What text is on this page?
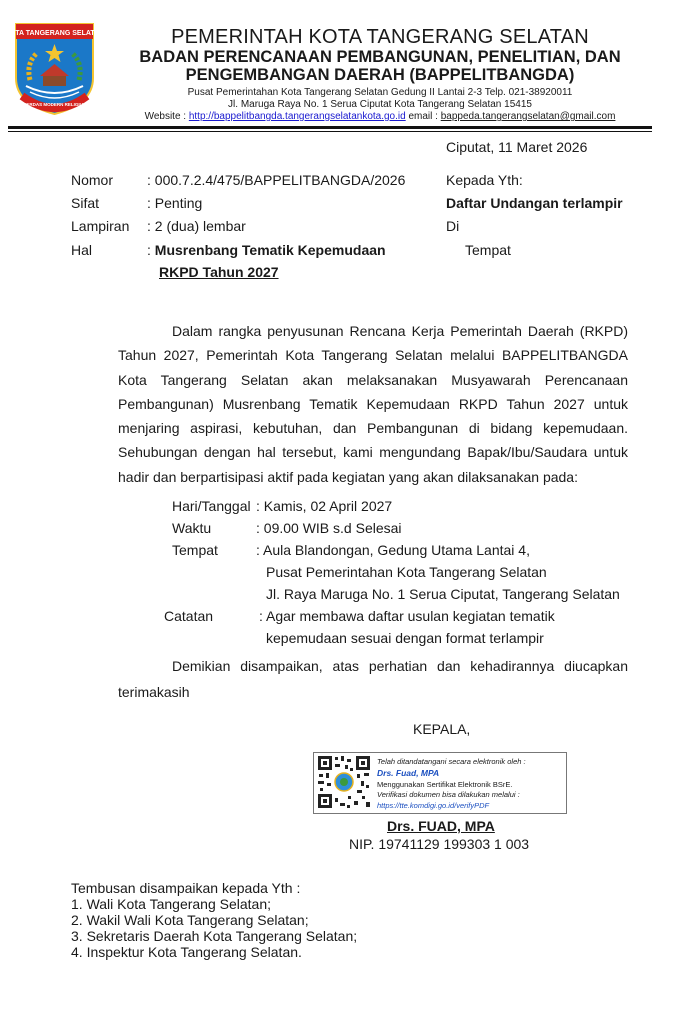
KOTA TANGERANG SELATAN
CERDAS MODERN RELIGIUS
PEMERINTAH KOTA TANGERANG SELATAN
BADAN PERENCANAAN PEMBANGUNAN, PENELITIAN, DAN
PENGEMBANGAN DAERAH (BAPPELITBANGDA)
Pusat Pemerintahan Kota Tangerang Selatan Gedung II Lantai 2-3 Telp. 021-38920011
Jl. Maruga Raya No. 1 Serua Ciputat Kota Tangerang Selatan 15415
Website : http://bappelitbangda.tangerangselatankota.go.id email : bappeda.tangerangselatan@gmail.com
Ciputat, 11 Maret 2026
Nomor : 000.7.2.4/475/BAPPELITBANGDA/2026
Sifat	: Penting
Lampiran : 2 (dua) lembar
Hal	: Musrenbang Tematik Kepemudaan
RKPD Tahun 2027
Kepada Yth:
Daftar Undangan terlampir
Di
Tempat
Dalam rangka penyusunan Rencana Kerja Pemerintah Daerah (RKPD) Tahun 2027, Pemerintah Kota Tangerang Selatan melalui BAPPELITBANGDA Kota Tangerang Selatan akan melaksanakan Musyawarah Perencanaan Pembangunan) Musrenbang Tematik Kepemudaan RKPD Tahun 2027 untuk menjaring aspirasi, kebutuhan, dan Pembangunan di bidang kepemudaan. Sehubungan dengan hal tersebut, kami mengundang Bapak/Ibu/Saudara untuk hadir dan berpartisipasi aktif pada kegiatan yang akan dilaksanakan pada:
Hari/Tanggal : Kamis, 02 April 2027
Waktu	: 09.00 WIB s.d Selesai
Tempat	: Aula Blandongan, Gedung Utama Lantai 4,
Pusat Pemerintahan Kota Tangerang Selatan
Jl. Raya Maruga No. 1 Serua Ciputat, Tangerang Selatan
Catatan	: Agar membawa daftar usulan kegiatan tematik
kepemudaan sesuai dengan format terlampir
Demikian disampaikan, atas perhatian dan kehadirannya diucapkan terimakasih
KEPALA,
Telah ditandatangani secara elektronik oleh :
Drs. Fuad, MPA
Menggunakan Sertifikat Elektronik BSrE.
Verifikasi dokumen bisa dilakukan melalui :
https://tte.komdigi.go.id/verifyPDF
Drs. FUAD, MPA
NIP. 19741129 199303 1 003
Tembusan disampaikan kepada Yth :
1. Wali Kota Tangerang Selatan;
2. Wakil Wali Kota Tangerang Selatan;
3. Sekretaris Daerah Kota Tangerang Selatan;
4. Inspektur Kota Tangerang Selatan.
